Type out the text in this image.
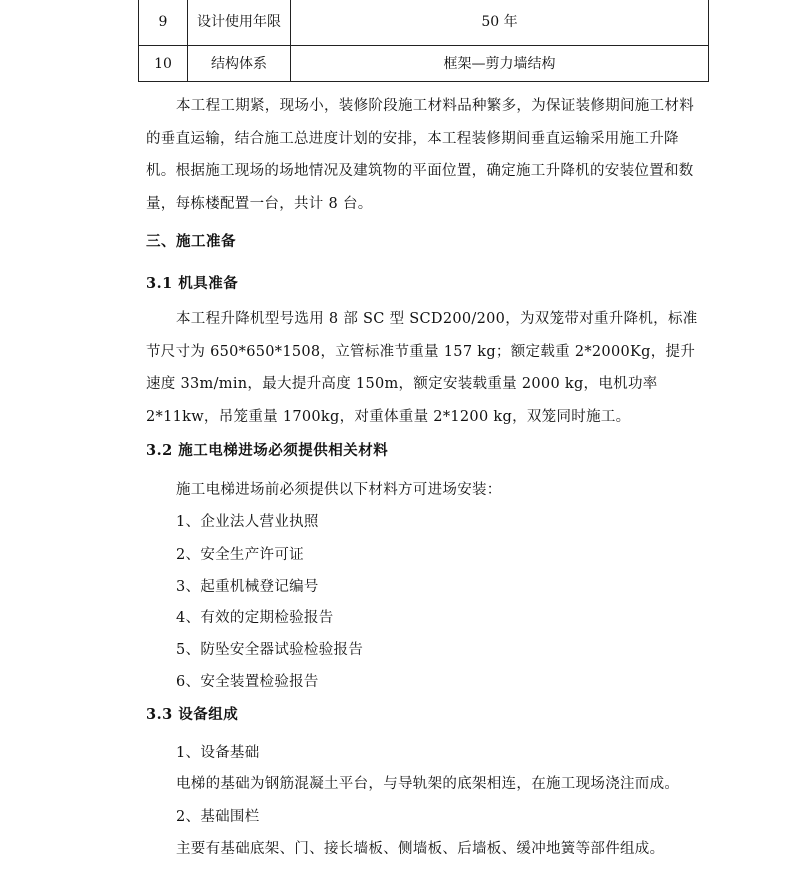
9	设计使用年限	50 年
10	结构体系	框架—剪力墙结构

本工程工期紧，现场小，装修阶段施工材料品种繁多，为保证装修期间施工材料的垂直运输，结合施工总进度计划的安排，本工程装修期间垂直运输采用施工升降机。根据施工现场的场地情况及建筑物的平面位置，确定施工升降机的安装位置和数量，每栋楼配置一台，共计 8 台。

三、施工准备

3.1 机具准备

本工程升降机型号选用 8 部 SC 型 SCD200/200，为双笼带对重升降机，标准节尺寸为 650*650*1508，立管标准节重量 157 kg；额定载重 2*2000Kg，提升速度 33m/min，最大提升高度 150m，额定安装载重量 2000 kg，电机功率 2*11kw，吊笼重量 1700kg，对重体重量 2*1200 kg，双笼同时施工。

3.2 施工电梯进场必须提供相关材料

施工电梯进场前必须提供以下材料方可进场安装：

1、企业法人营业执照

2、安全生产许可证

3、起重机械登记编号

4、有效的定期检验报告

5、防坠安全器试验检验报告

6、安全装置检验报告

3.3 设备组成

1、设备基础

电梯的基础为钢筋混凝土平台，与导轨架的底架相连，在施工现场浇注而成。

2、基础围栏

主要有基础底架、门、接长墙板、侧墙板、后墙板、缓冲地簧等部件组成。
